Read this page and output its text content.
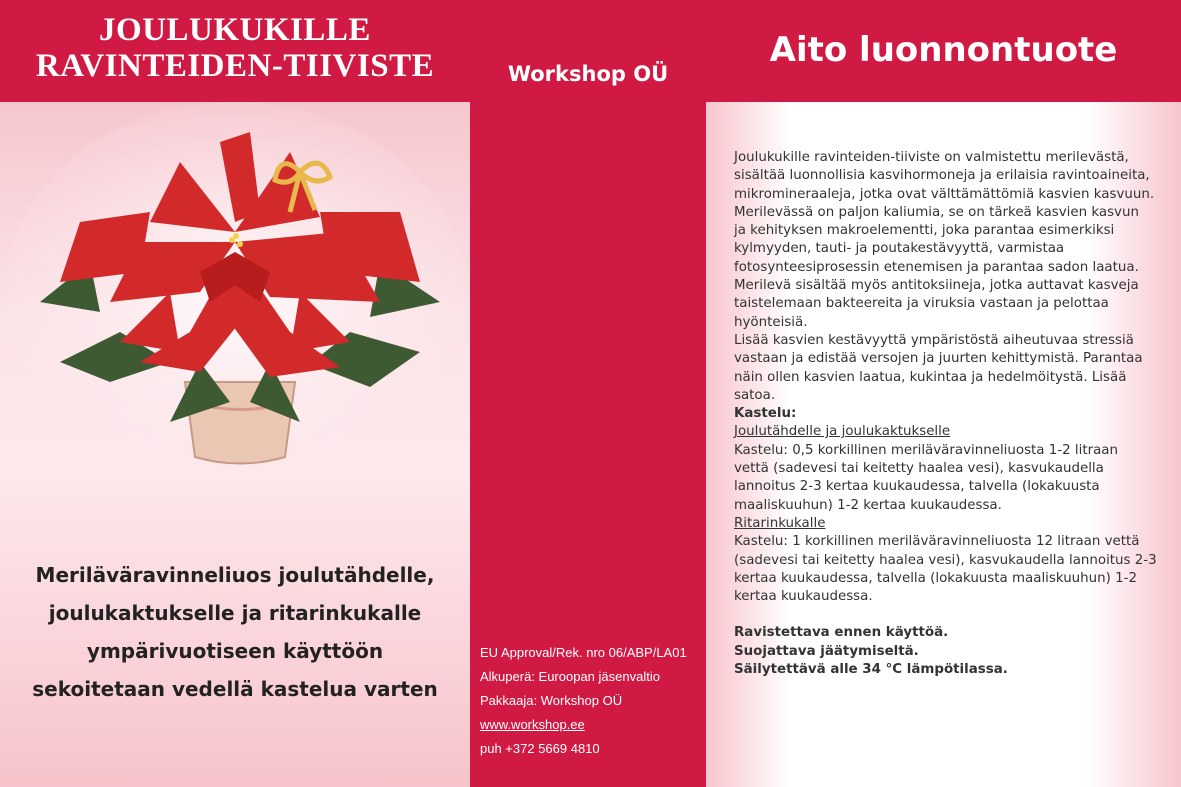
JOULUKUKILLE
RAVINTEIDEN-TIIVISTE
Meriläväravinneliuos joulutähdelle,
joulukaktukselle ja ritarinkukalle
ympärivuotiseen käyttöön
sekoitetaan vedellä kastelua varten
Workshop OÜ
EU Approval/Rek. nro 06/ABP/LA01
Alkuperä: Euroopan jäsenvaltio
Pakkaaja: Workshop OÜ
www.workshop.ee
puh +372 5669 4810
Aito luonnontuote

Joulukukille ravinteiden-tiiviste on valmistettu merilevästä,

sisältää luonnollisia kasvihormoneja ja erilaisia ravintoaineita,

mikromineraaleja, jotka ovat välttämättömiä kasvien kasvuun.

Merilevässä on paljon kaliumia, se on tärkeä kasvien kasvun

ja kehityksen makroelementti, joka parantaa esimerkiksi

kylmyyden, tauti- ja poutakestävyyttä, varmistaa

fotosynteesiprosessin etenemisen ja parantaa sadon laatua.

Merilevä sisältää myös antitoksiineja, jotka auttavat kasveja

taistelemaan bakteereita ja viruksia vastaan ja pelottaa

hyönteisiä.

Lisää kasvien kestävyyttä ympäristöstä aiheutuvaa stressiä

vastaan ja edistää versojen ja juurten kehittymistä. Parantaa

näin ollen kasvien laatua, kukintaa ja hedelmöitystä. Lisää

satoa.

Kastelu:

Joulutähdelle ja joulukaktukselle

Kastelu: 0,5 korkillinen meriläväravinneliuosta 1-2 litraan

vettä (sadevesi tai keitetty haalea vesi), kasvukaudella

lannoitus 2-3 kertaa kuukaudessa, talvella (lokakuusta

maaliskuuhun) 1-2 kertaa kuukaudessa.

Ritarinkukalle

Kastelu: 1 korkillinen meriläväravinneliuosta 12 litraan vettä

(sadevesi tai keitetty haalea vesi), kasvukaudella lannoitus 2-3

kertaa kuukaudessa, talvella (lokakuusta maaliskuuhun) 1-2

kertaa kuukaudessa.

Ravistettava ennen käyttöä.

Suojattava jäätymiseltä.

Säilytettävä alle 34 °C lämpötilassa.
